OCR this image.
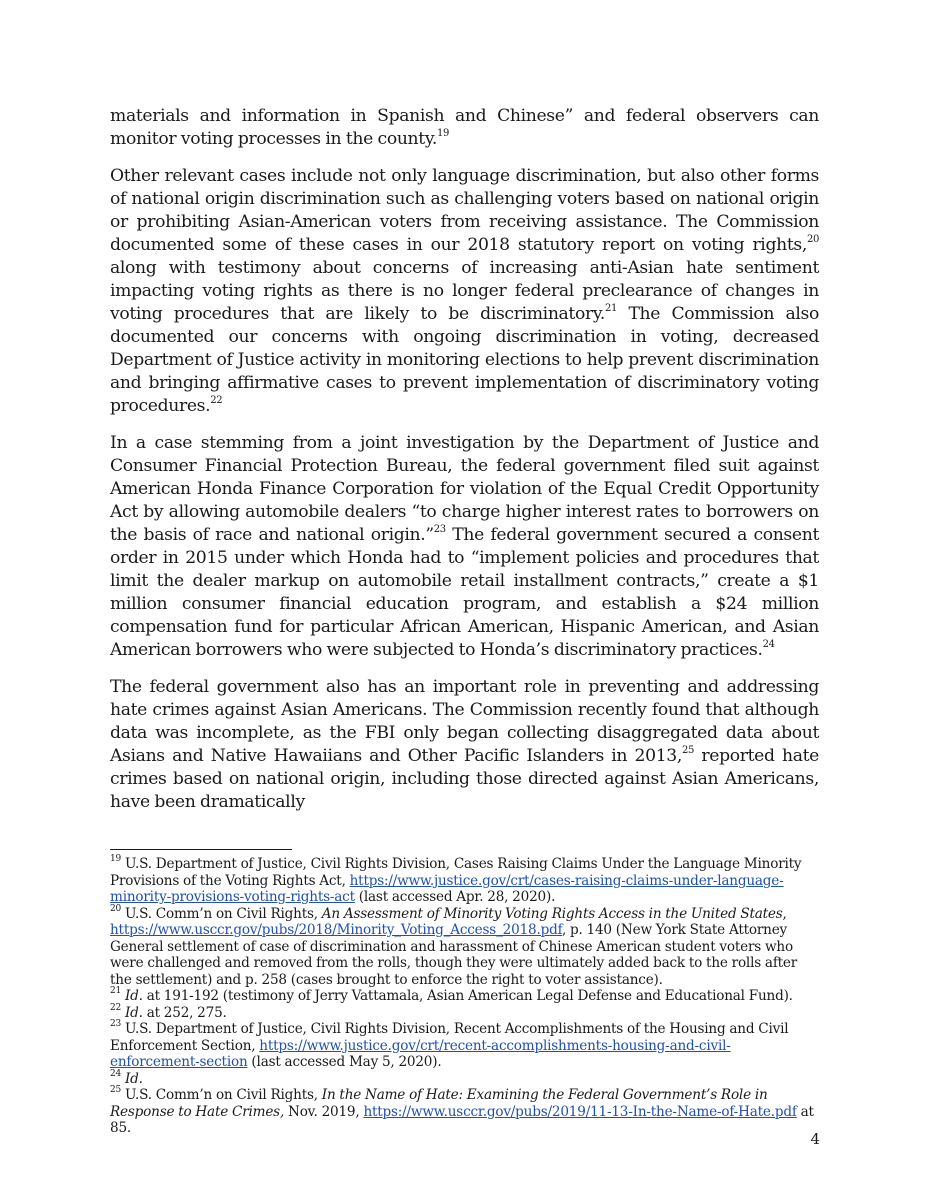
materials and information in Spanish and Chinese” and federal observers can monitor voting processes in the county.$^{19}$

Other relevant cases include not only language discrimination, but also other forms of national origin discrimination such as challenging voters based on national origin or prohibiting Asian-American voters from receiving assistance. The Commission documented some of these cases in our 2018 statutory report on voting rights,$^{20}$ along with testimony about concerns of increasing anti-Asian hate sentiment impacting voting rights as there is no longer federal preclearance of changes in voting procedures that are likely to be discriminatory.$^{21}$ The Commission also documented our concerns with ongoing discrimination in voting, decreased Department of Justice activity in monitoring elections to help prevent discrimination and bringing affirmative cases to prevent implementation of discriminatory voting procedures.$^{22}$

In a case stemming from a joint investigation by the Department of Justice and Consumer Financial Protection Bureau, the federal government filed suit against American Honda Finance Corporation for violation of the Equal Credit Opportunity Act by allowing automobile dealers “to charge higher interest rates to borrowers on the basis of race and national origin.”$^{23}$ The federal government secured a consent order in 2015 under which Honda had to “implement policies and procedures that limit the dealer markup on automobile retail installment contracts,” create a $1 million consumer financial education program, and establish a $24 million compensation fund for particular African American, Hispanic American, and Asian American borrowers who were subjected to Honda’s discriminatory practices.$^{24}$

The federal government also has an important role in preventing and addressing hate crimes against Asian Americans. The Commission recently found that although data was incomplete, as the FBI only began collecting disaggregated data about Asians and Native Hawaiians and Other Pacific Islanders in 2013,25 reported hate crimes based on national origin, including those directed against Asian Americans, have been dramatically

$^{19}$ U.S. Department of Justice, Civil Rights Division, Cases Raising Claims Under the Language Minority Provisions of the Voting Rights Act, https://www.justice.gov/crt/cases-raising-claims-under-language-minority-provisions-voting-rights-act (last accessed Apr. 28, 2020).

$^{20}$ U.S. Comm’n on Civil Rights, An Assessment of Minority Voting Rights Access in the United States, https://www.usccr.gov/pubs/2018/Minority_Voting_Access_2018.pdf, p. 140 (New York State Attorney General settlement of case of discrimination and harassment of Chinese American student voters who were challenged and removed from the rolls, though they were ultimately added back to the rolls after the settlement) and p. 258 (cases brought to enforce the right to voter assistance).

$^{21}$ Id. at 191-192 (testimony of Jerry Vattamala, Asian American Legal Defense and Educational Fund).

$^{22}$ Id. at 252, 275.

$^{23}$ U.S. Department of Justice, Civil Rights Division, Recent Accomplishments of the Housing and Civil Enforcement Section, https://www.justice.gov/crt/recent-accomplishments-housing-and-civil-enforcement-section (last accessed May 5, 2020).

$^{24}$ Id.

$^{25}$ U.S. Comm’n on Civil Rights, In the Name of Hate: Examining the Federal Government’s Role in Response to Hate Crimes, Nov. 2019, https://www.usccr.gov/pubs/2019/11-13-In-the-Name-of-Hate.pdf at 85.

4
